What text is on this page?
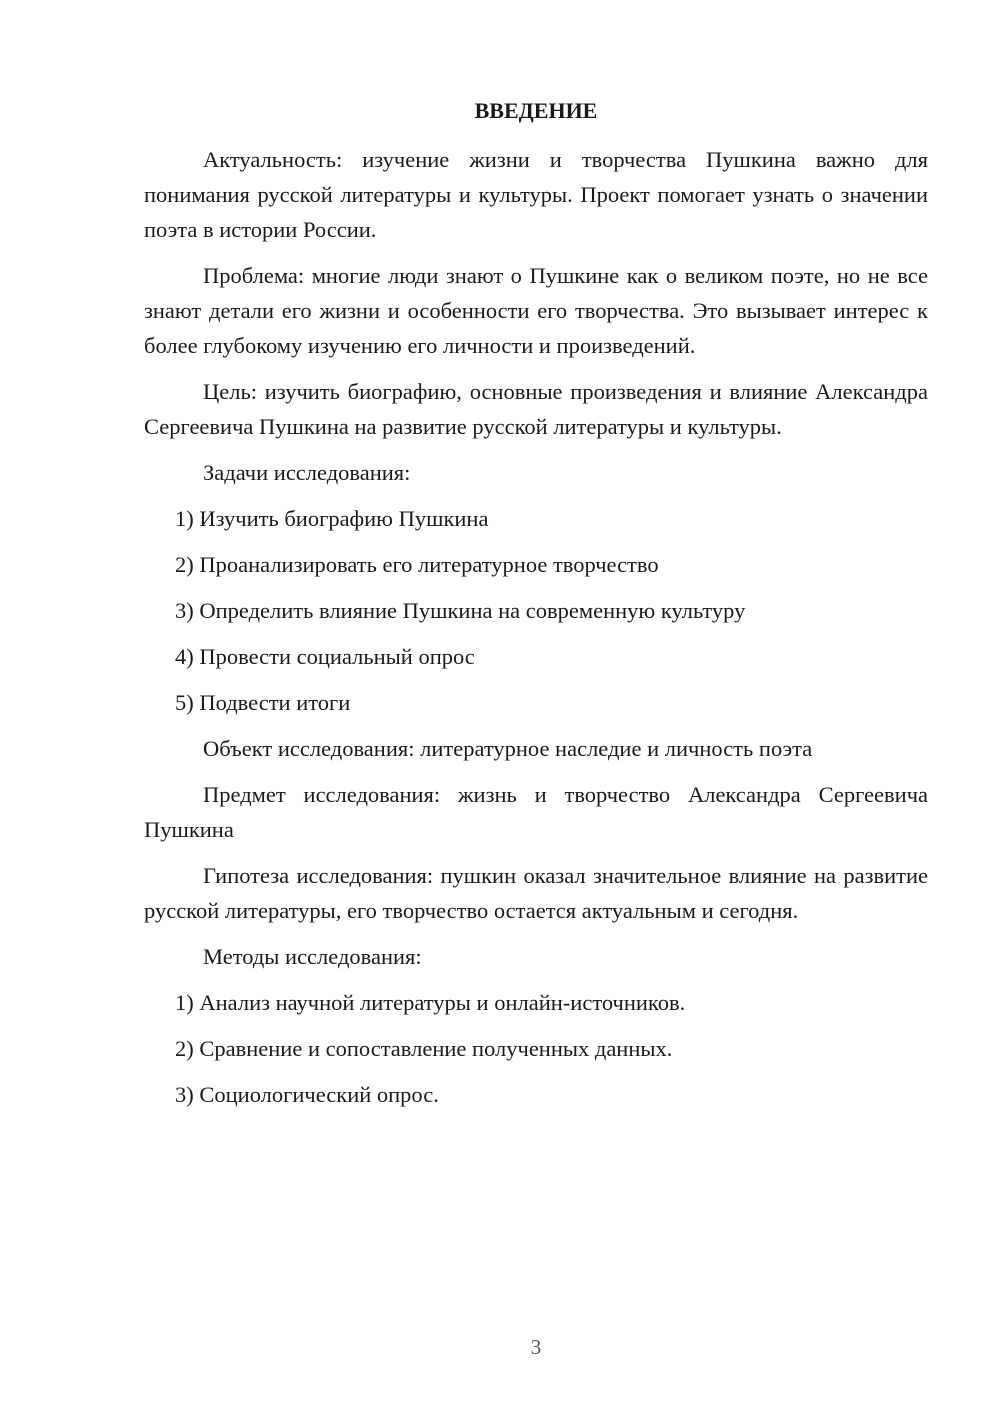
ВВЕДЕНИЕ

Актуальность: изучение жизни и творчества Пушкина важно для понимания русской литературы и культуры. Проект помогает узнать о значении поэта в истории России.

Проблема: многие люди знают о Пушкине как о великом поэте, но не все знают детали его жизни и особенности его творчества. Это вызывает интерес к более глубокому изучению его личности и произведений.

Цель: изучить биографию, основные произведения и влияние Александра Сергеевича Пушкина на развитие русской литературы и культуры.

Задачи исследования:

1) Изучить биографию Пушкина

2) Проанализировать его литературное творчество

3) Определить влияние Пушкина на современную культуру

4) Провести социальный опрос

5) Подвести итоги

Объект исследования: литературное наследие и личность поэта

Предмет исследования: жизнь и творчество Александра Сергеевича Пушкина

Гипотеза исследования: пушкин оказал значительное влияние на развитие русской литературы, его творчество остается актуальным и сегодня.

Методы исследования:

1) Анализ научной литературы и онлайн-источников.

2) Сравнение и сопоставление полученных данных.

3) Социологический опрос.

3
